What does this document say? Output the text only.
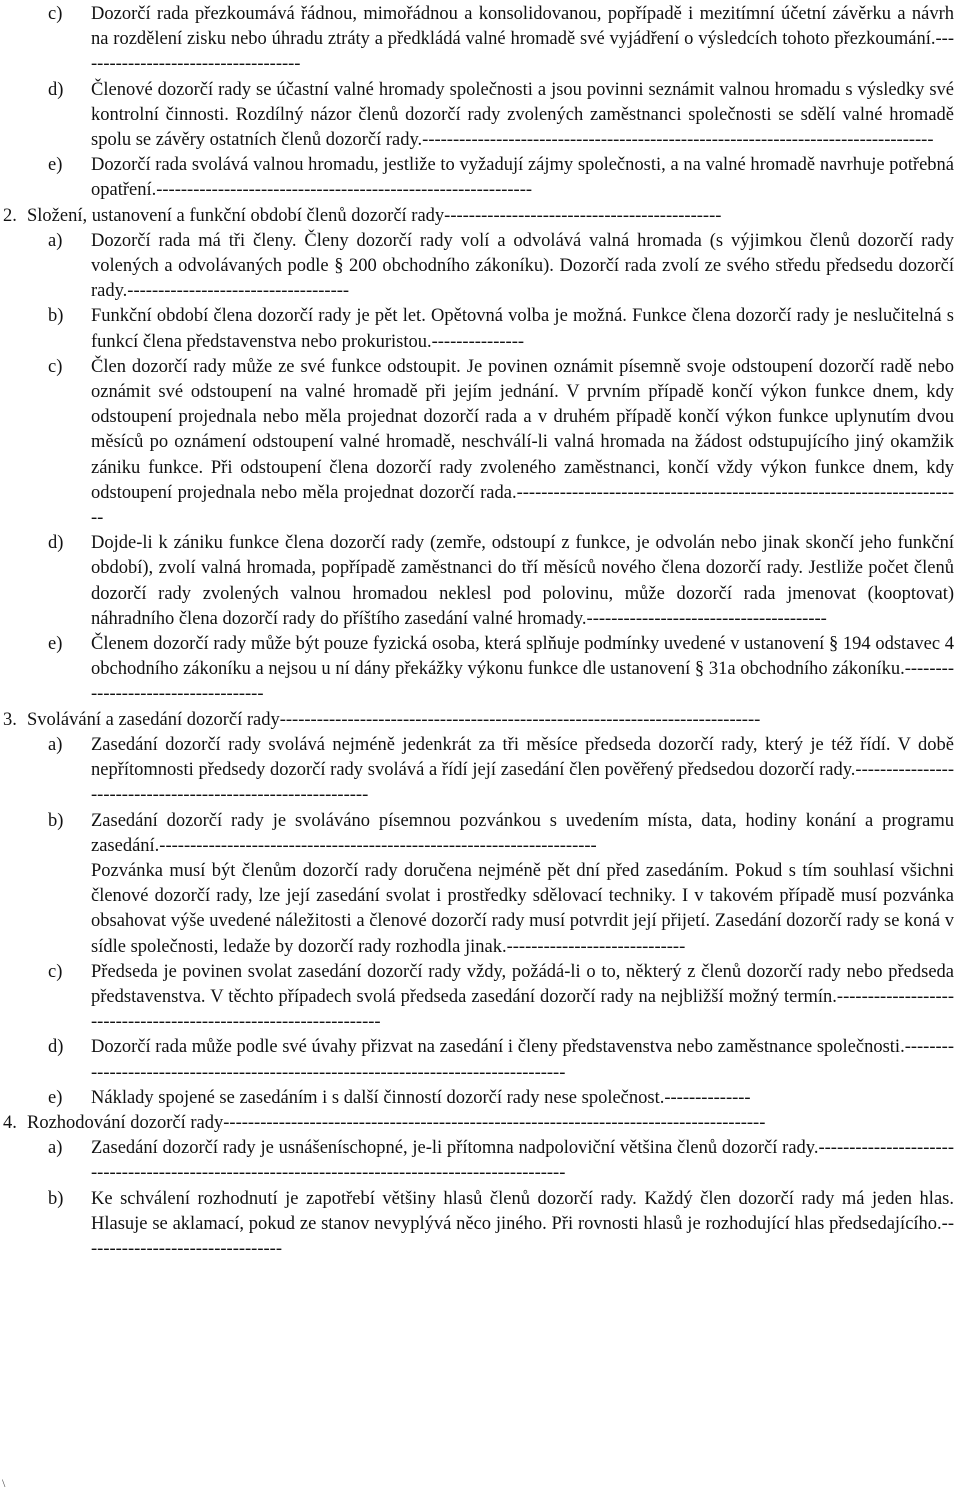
c) Dozorčí rada přezkoumává řádnou, mimořádnou a konsolidovanou, popřípadě i mezitímní účetní závěrku a návrh na rozdělení zisku nebo úhradu ztráty a předkládá valné hromadě své vyjádření o výsledcích tohoto přezkoumání.-------------------------------------

d) Členové dozorčí rady se účastní valné hromady společnosti a jsou povinni seznámit valnou hromadu s výsledky své kontrolní činnosti. Rozdílný názor členů dozorčí rady zvolených zaměstnanci společnosti se sdělí valné hromadě spolu se závěry ostatních členů dozorčí rady.-----------------------------------------------------------------------------------

e) Dozorčí rada svolává valnou hromadu, jestliže to vyžadují zájmy společnosti, a na valné hromadě navrhuje potřebná opatření.-------------------------------------------------------------

2. Složení, ustanovení a funkční období členů dozorčí rady---------------------------------------------

a) Dozorčí rada má tři členy. Členy dozorčí rady volí a odvolává valná hromada (s výjimkou členů dozorčí rady volených a odvolávaných podle § 200 obchodního zákoníku). Dozorčí rada zvolí ze svého středu předsedu dozorčí rady.------------------------------------

b) Funkční období člena dozorčí rady je pět let. Opětovná volba je možná. Funkce člena dozorčí rady je neslučitelná s funkcí člena představenstva nebo prokuristou.---------------

c) Člen dozorčí rady může ze své funkce odstoupit. Je povinen oznámit písemně svoje odstoupení dozorčí radě nebo oznámit své odstoupení na valné hromadě při jejím jednání. V prvním případě končí výkon funkce dnem, kdy odstoupení projednala nebo měla projednat dozorčí rada a v druhém případě končí výkon funkce uplynutím dvou měsíců po oznámení odstoupení valné hromadě, neschválí-li valná hromada na žádost odstupujícího jiný okamžik zániku funkce. Při odstoupení člena dozorčí rady zvoleného zaměstnanci, končí vždy výkon funkce dnem, kdy odstoupení projednala nebo měla projednat dozorčí rada.-------------------------------------------------------------------------

d) Dojde-li k zániku funkce člena dozorčí rady (zemře, odstoupí z funkce, je odvolán nebo jinak skončí jeho funkční období), zvolí valná hromada, popřípadě zaměstnanci do tří měsíců nového člena dozorčí rady. Jestliže počet členů dozorčí rady zvolených valnou hromadou neklesl pod polovinu, může dozorčí rada jmenovat (kooptovat) náhradního člena dozorčí rady do příštího zasedání valné hromady.---------------------------------------

e) Členem dozorčí rady může být pouze fyzická osoba, která splňuje podmínky uvedené v ustanovení § 194 odstavec 4 obchodního zákoníku a nejsou u ní dány překážky výkonu funkce dle ustanovení § 31a obchodního zákoníku.------------------------------------

3. Svolávání a zasedání dozorčí rady------------------------------------------------------------------------------

a) Zasedání dozorčí rady svolává nejméně jedenkrát za tři měsíce předseda dozorčí rady, který je též řídí. V době nepřítomnosti předsedy dozorčí rady svolává a řídí její zasedání člen pověřený předsedou dozorčí rady.-------------------------------------------------------------

b) Zasedání dozorčí rady je svoláváno písemnou pozvánkou s uvedením místa, data, hodiny konání a programu zasedání.-----------------------------------------------------------------------

Pozvánka musí být členům dozorčí rady doručena nejméně pět dní před zasedáním. Pokud s tím souhlasí všichni členové dozorčí rady, lze její zasedání svolat i prostředky sdělovací techniky. I v takovém případě musí pozvánka obsahovat výše uvedené náležitosti a členové dozorčí rady musí potvrdit její přijetí. Zasedání dozorčí rady se koná v sídle společnosti, ledaže by dozorčí rady rozhodla jinak.-----------------------------

c) Předseda je povinen svolat zasedání dozorčí rady vždy, požádá-li o to, některý z členů dozorčí rady nebo předseda představenstva. V těchto případech svolá předseda zasedání dozorčí rady na nejbližší možný termín.------------------------------------------------------------------

d) Dozorčí rada může podle své úvahy přizvat na zasedání i členy představenstva nebo zaměstnance společnosti.-------------------------------------------------------------------------------------

e) Náklady spojené se zasedáním i s další činností dozorčí rady nese společnost.--------------

4. Rozhodování dozorčí rady----------------------------------------------------------------------------------------

a) Zasedání dozorčí rady je usnášeníschopné, je-li přítomna nadpoloviční většina členů dozorčí rady.---------------------------------------------------------------------------------------------------

b) Ke schválení rozhodnutí je zapotřebí většiny hlasů členů dozorčí rady. Každý člen dozorčí rady má jeden hlas. Hlasuje se aklamací, pokud ze stanov nevyplývá něco jiného. Při rovnosti hlasů je rozhodující hlas předsedajícího.---------------------------------

\
